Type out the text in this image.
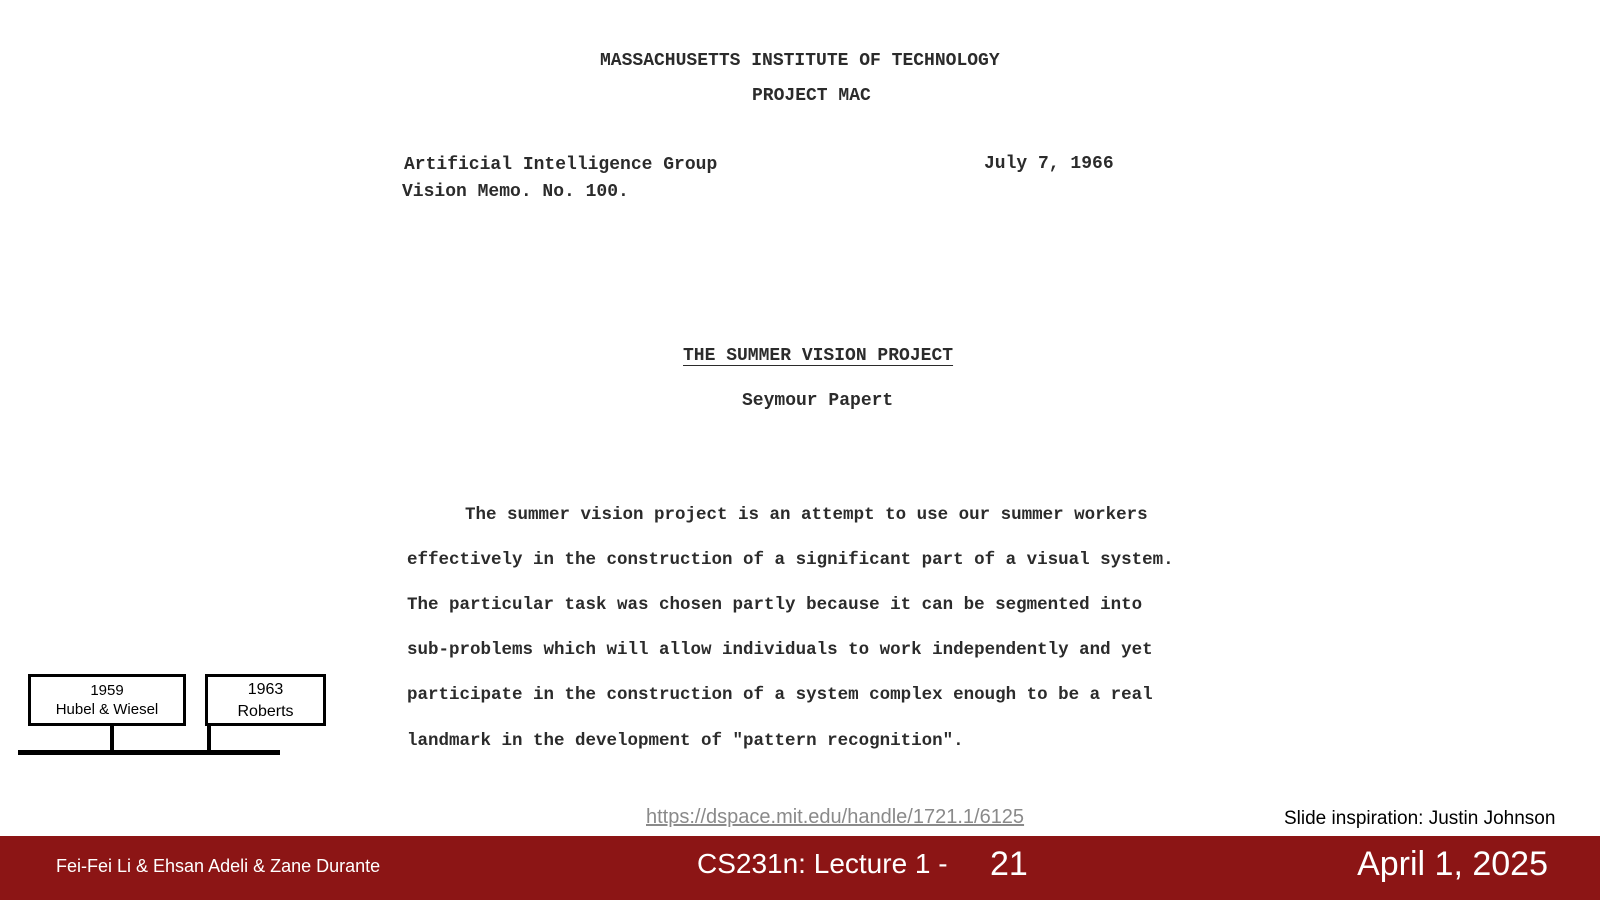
MASSACHUSETTS INSTITUTE OF TECHNOLOGY
PROJECT MAC
Artificial Intelligence Group	July 7, 1966
Vision Memo. No. 100.
THE SUMMER VISION PROJECT
Seymour Papert
The summer vision project is an attempt to use our summer workers
effectively in the construction of a significant part of a visual system.
The particular task was chosen partly because it can be segmented into
sub-problems which will allow individuals to work independently and yet
participate in the construction of a system complex enough to be a real
landmark in the development of "pattern recognition".
1959
Hubel & Wiesel
1963
Roberts
https://dspace.mit.edu/handle/1721.1/6125	Slide inspiration: Justin Johnson
Fei-Fei Li & Ehsan Adeli & Zane Durante	CS231n: Lecture 1 - 21	April 1, 2025
